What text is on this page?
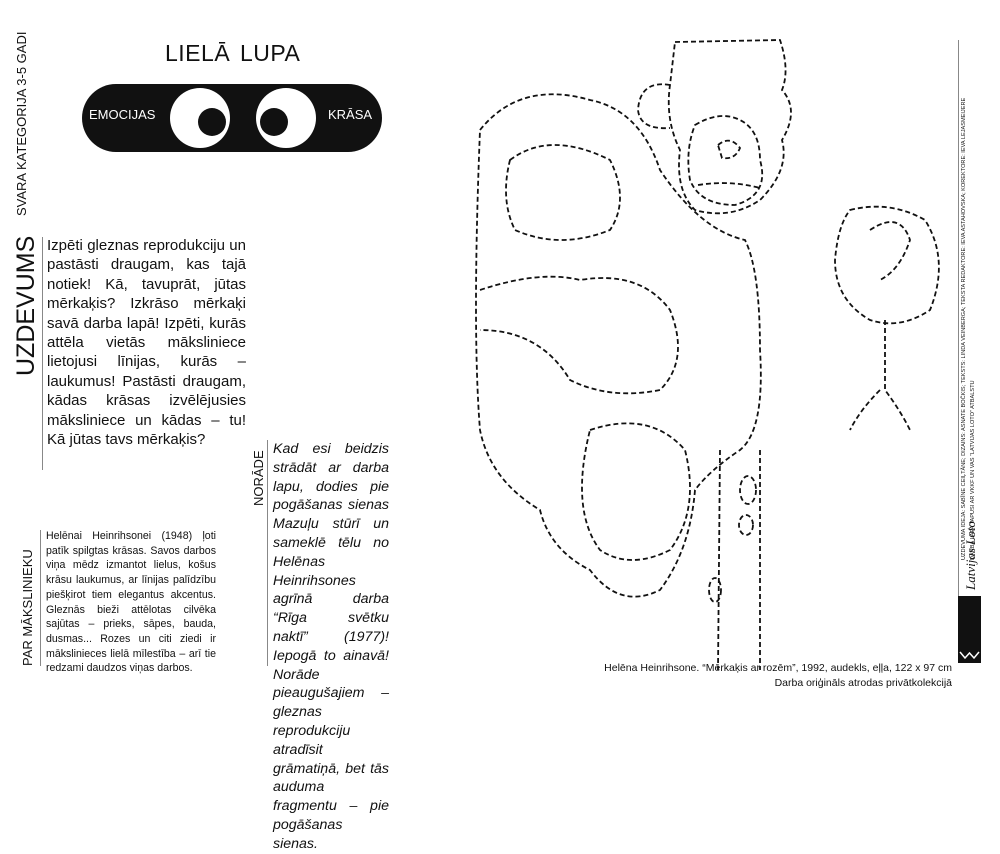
SVARA KATEGORIJA 3-5 GADI	LIELĀ LUPA
EMOCIJAS	KRĀSA
UZDEVUMS Izpēti gleznas reprodukciju un pastāsti draugam, kas tajā notiek! Kā, tavuprāt, jūtas mērkaķis? Izkrāso mērkaķi savā darba lapā! Izpēti, kurās attēla vietās māksliniece lietojusi līnijas, kurās – laukumus! Pastāsti draugam, kādas krāsas izvēlējusies māksliniece un kādas – tu! Kā jūtas tavs mērkaķis?
PAR MĀKSLINIEKU
Helēnai Heinrihsonei (1948) ļoti patīk spilgtas krāsas. Savos darbos viņa mēdz izmantot lielus, košus krāsu laukumus, ar līnijas palīdzību piešķirot tiem elegantus akcentus. Gleznās bieži attēlotas cilvēka sajūtas – prieks, sāpes, bauda, dusmas... Rozes un citi ziedi ir mākslinieces lielā mīlestība – arī tie redzami daudzos viņas darbos.
NORĀDE
Kad esi beidzis strādāt ar darba lapu, dodies pie pogāšanas sienas Mazuļu stūrī un sameklē tēlu no Helēnas Heinrihsones agrīnā darba “Rīga svētku naktī” (1977)! Iepogā to ainavā! Norāde pieaugušajiem – gleznas reprodukciju atradīsit grāmatiņā, bet tās auduma fragmentu – pie pogāšanas sienas.
Helēna Heinrihsone. “Mērkaķis ar rozēm”, 1992, audekls, eļļa, 122 x 97 cm
Darba oriģināls atrodas privātkolekcijā
UZDEVUMA IDEJA: SABĪNE CEIĻTĀNE; DIZAINS: ASNATE BOČKIS; TEKSTS: LINDA VEINBERGA; TEKSTA REDAKTORE: IEVA ASTAHOVSKA; KOREKTORE: IEVA LEJASMEIJERE DARBA LAPA TAPUSI AR VKKF UN VAS “LATVIJAS LOTO” ATBALSTU
Latvijas Loto
